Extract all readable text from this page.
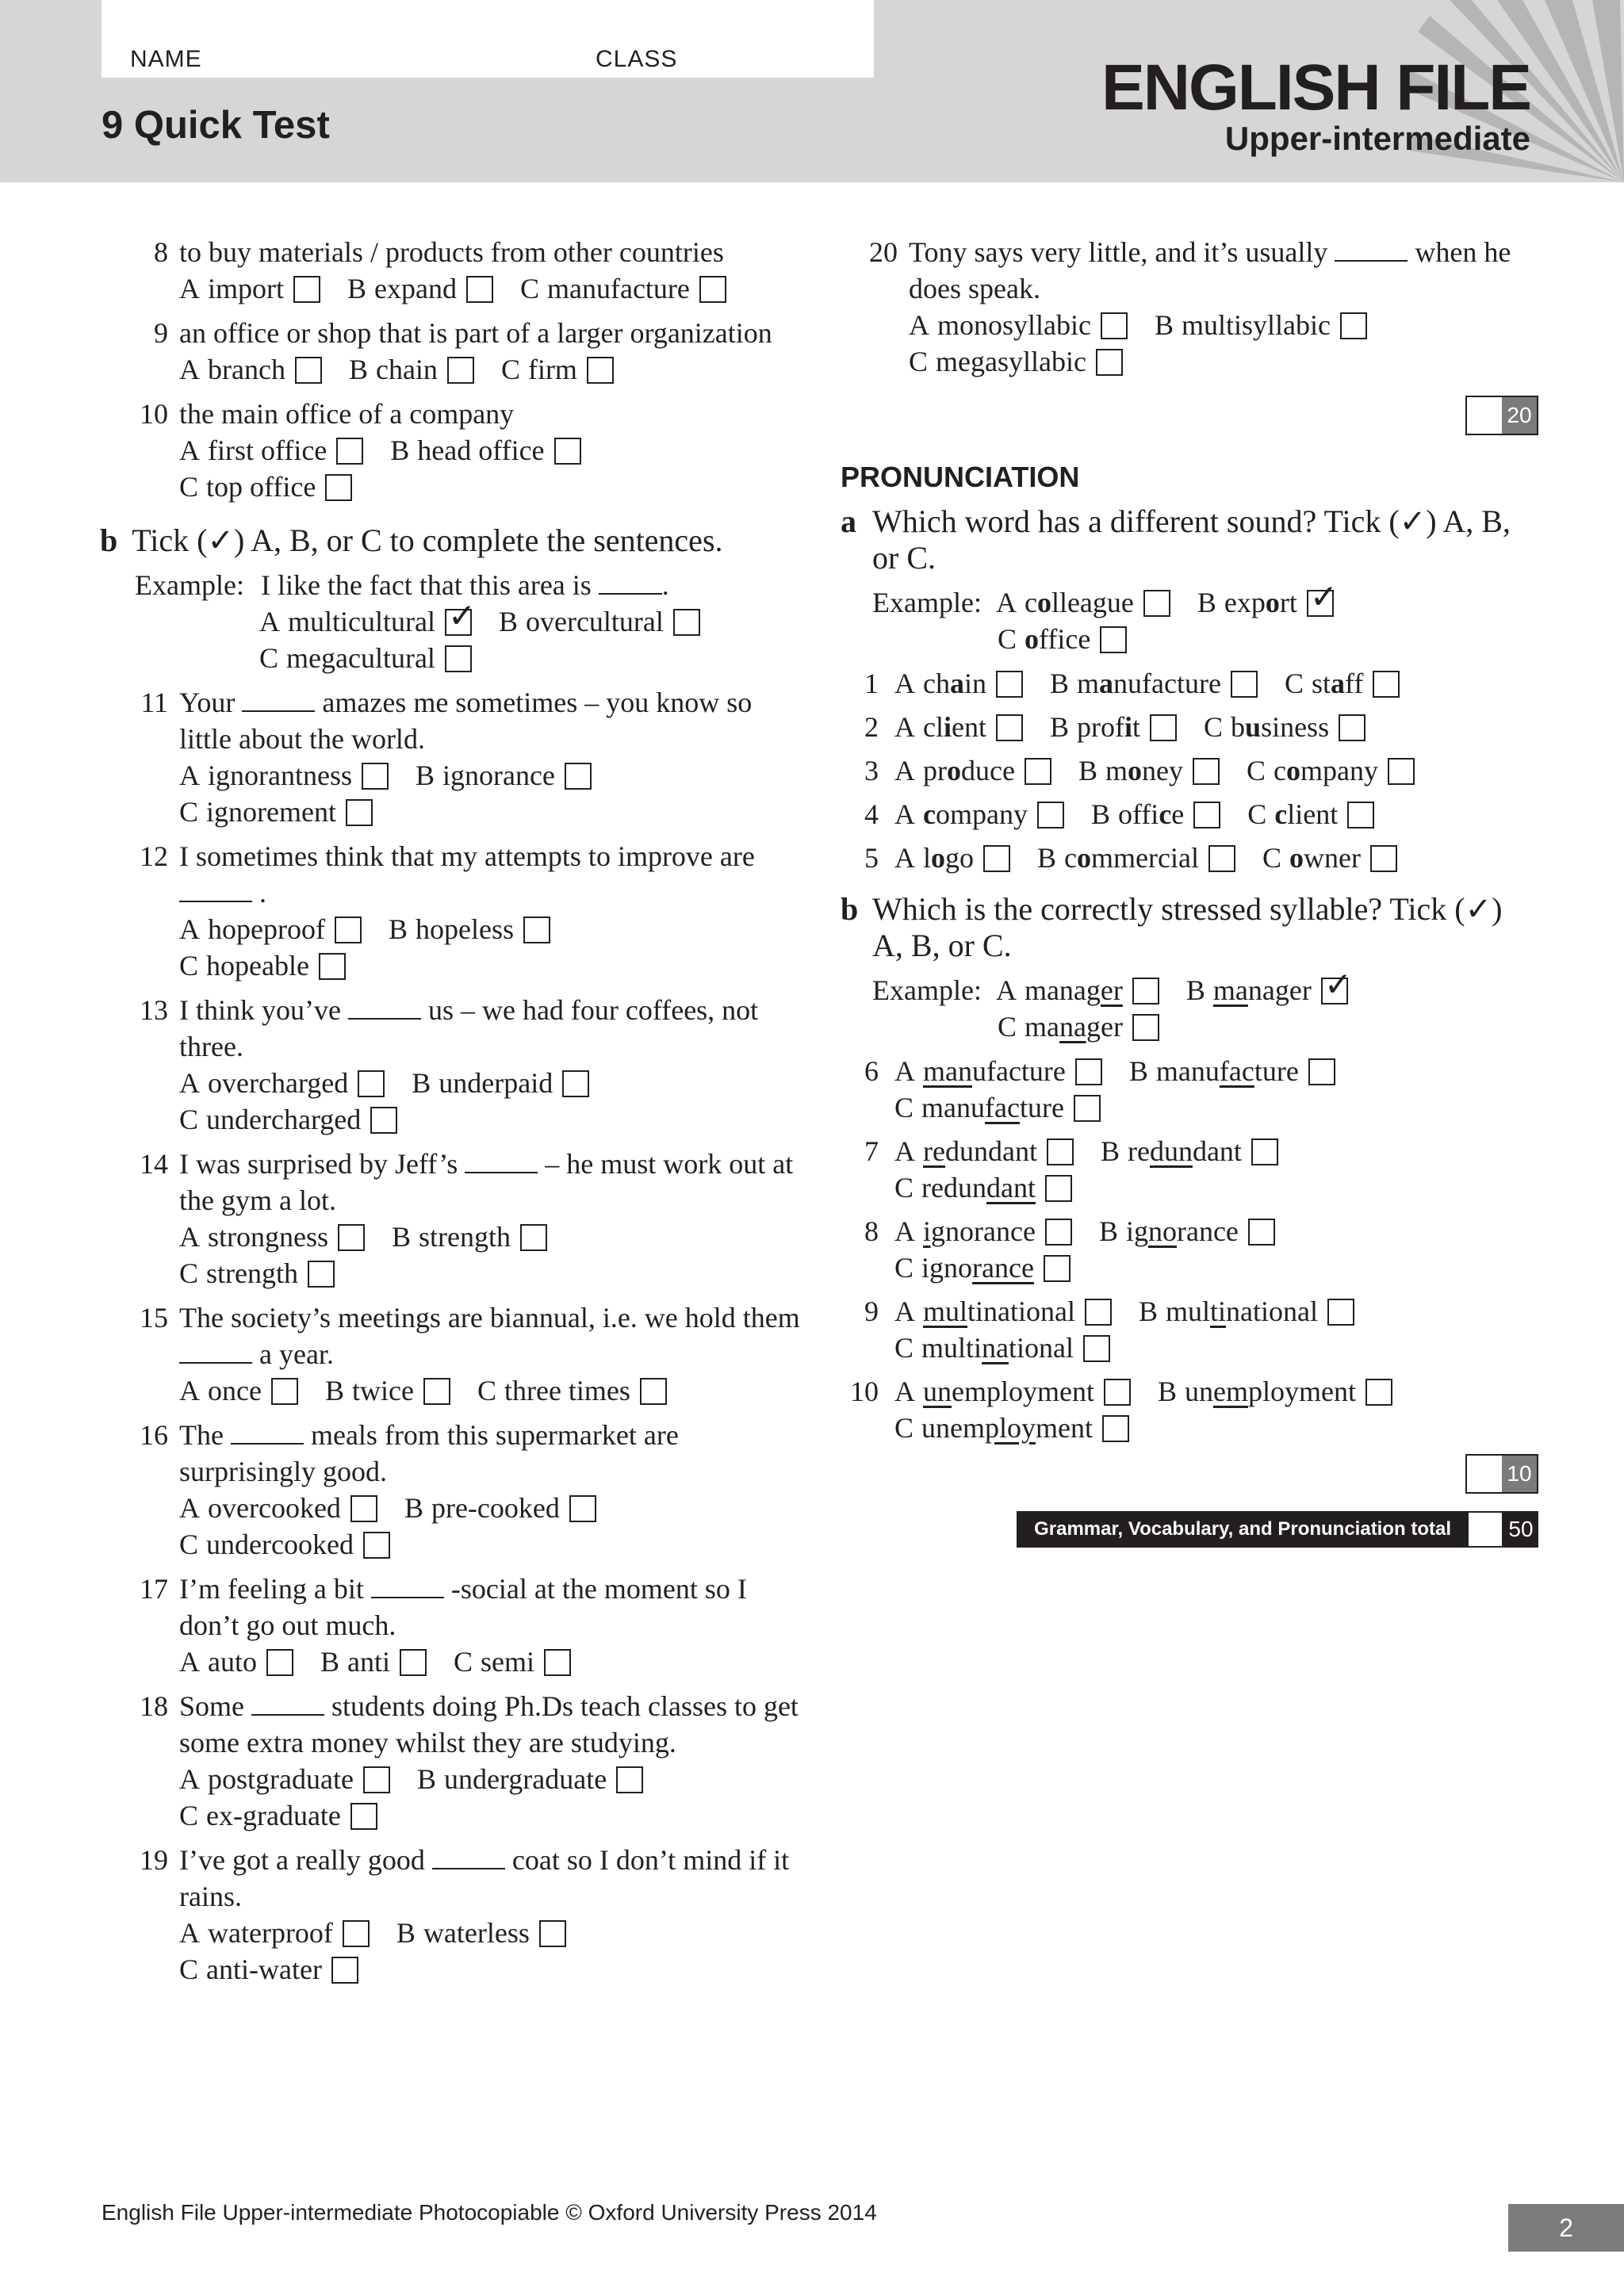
NAME	CLASS
9 Quick Test
ENGLISH FILE
Upper-intermediate
8 to buy materials / products from other countries
A import B expand C manufacture
9 an office or shop that is part of a larger organization
A branch B chain C firm
10 the main office of a company
A first office B head office
C top office
b Tick (✓) A, B, or C to complete the sentences.
Example: I like the fact that this area is .
A multicultural ✓ B overcultural
C megacultural
11 Your	amazes me sometimes – you know so little about the world.
A ignorantness B ignorance
C ignorement
12 I sometimes think that my attempts to improve are  .
A hopeproof B hopeless
C hopeable
13 I think you’ve	us – we had four coffees, not three.
A overcharged B underpaid
C undercharged
14 I was surprised by Jeff’s	– he must work out at the gym a lot.
A strongness B strength
C strength
15 The society’s meetings are biannual, i.e. we hold them  a year.
A once B twice C three times
16 The	meals from this supermarket are surprisingly good.
A overcooked B pre-cooked
C undercooked
17 I’m feeling a bit	-social at the moment so I don’t go out much.
A auto B anti C semi
18 Some	students doing Ph.Ds teach classes to get some extra money whilst they are studying.
A postgraduate B undergraduate
C ex-graduate
19 I’ve got a really good	coat so I don’t mind if it rains.
A waterproof B waterless
C anti-water
20 Tony says very little, and it’s usually	when he does speak.
A monosyllabic B multisyllabic
C megasyllabic
20
PRONUNCIATION
a Which word has a different sound? Tick (✓) A, B, or C.
Example: A colleague B export ✓
C office
1 A chain B manufacture C staff
2 A client B profit C business
3 A produce B money C company
4 A company B office C client
5 A logo B commercial C owner
b Which is the correctly stressed syllable? Tick (✓) A, B, or C.
Example: A manager B manager ✓
C manager
6 A manufacture B manufacture
C manufacture
7 A redundant B redundant
C redundant
8 A ignorance B ignorance
C ignorance
9 A multinational B multinational
C multinational
10 A unemployment B unemployment
C unemployment
10
Grammar, Vocabulary, and Pronunciation total	50
English File Upper-intermediate Photocopiable © Oxford University Press 2014
2
